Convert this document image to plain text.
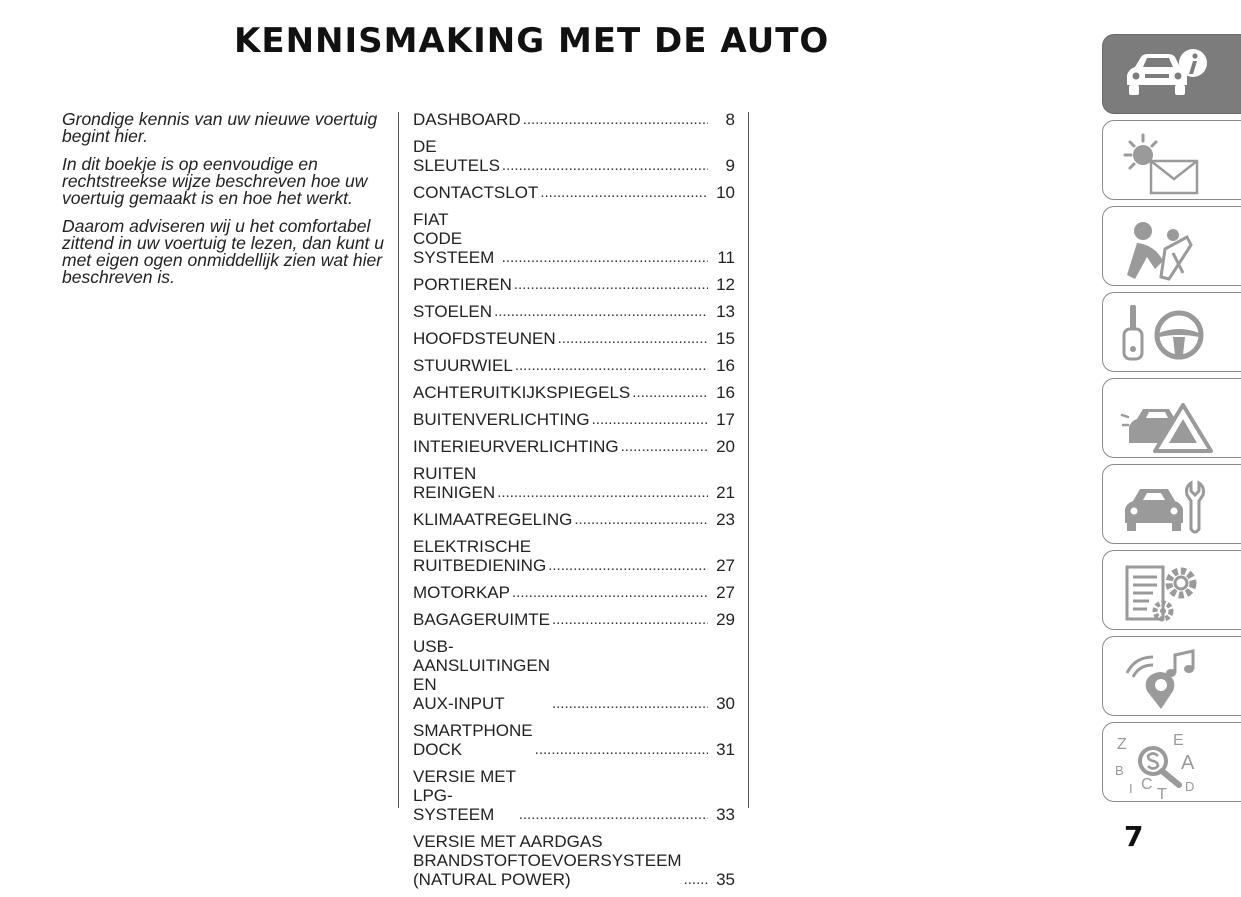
KENNISMAKING MET DE AUTO

Grondige kennis van uw nieuwe voertuig begint hier.

In dit boekje is op eenvoudige en rechtstreekse wijze beschreven hoe uw voertuig gemaakt is en hoe het werkt.

Daarom adviseren wij u het comfortabel zittend in uw voertuig te lezen, dan kunt u met eigen ogen onmiddellijk zien wat hier beschreven is.

DASHBOARD .....	8
DE SLEUTELS .....	9
CONTACTSLOT .....	10
FIAT CODE SYSTEEM .....	11
PORTIEREN .....	12
STOELEN .....	13
HOOFDSTEUNEN .....	15
STUURWIEL .....	16
ACHTERUITKIJKSPIEGELS .....	16
BUITENVERLICHTING .....	17
INTERIEURVERLICHTING .....	20
RUITEN REINIGEN .....	21
KLIMAATREGELING .....	23
ELEKTRISCHE RUITBEDIENING .....	27
MOTORKAP .....	27
BAGAGERUIMTE .....	29
USB-AANSLUITINGEN EN
AUX-INPUT .....	30
SMARTPHONE DOCK .....	31
VERSIE MET LPG-SYSTEEM .....	33
VERSIE MET AARDGAS
BRANDSTOFTOEVOERSYSTEEM
(NATURAL POWER) .....	35
Z	E
B	A
I C
T D
7
